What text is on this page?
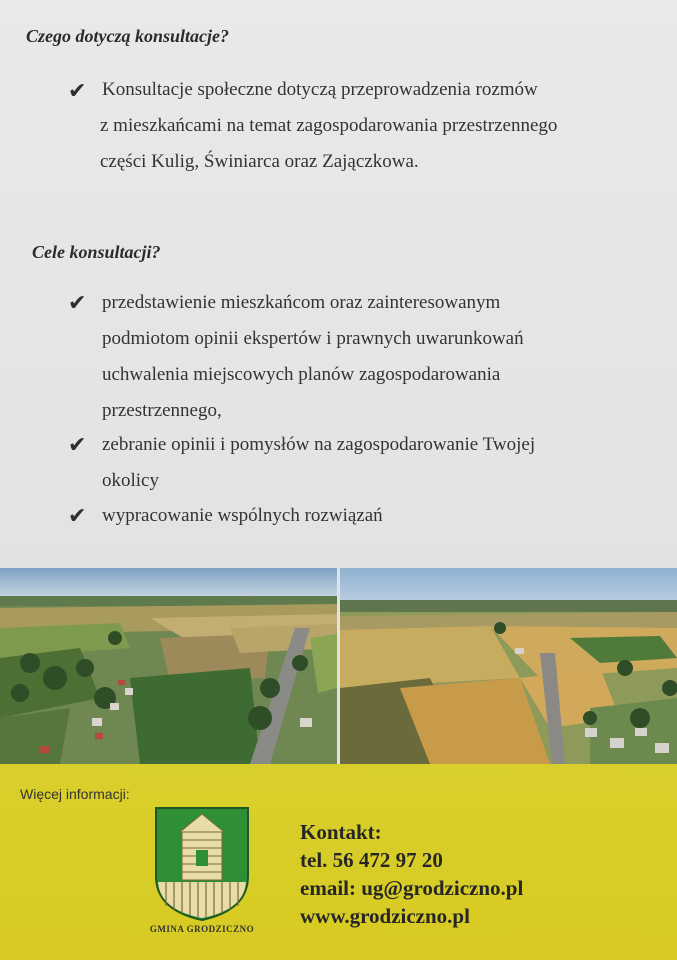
Czego dotyczą konsultacje?
✔ Konsultacje społeczne dotyczą przeprowadzenia rozmów
z mieszkańcami na temat zagospodarowania przestrzennego
części Kulig, Świniarca oraz Zajączkowa.
Cele konsultacji?
✔ przedstawienie mieszkańcom oraz zainteresowanym
podmiotom opinii ekspertów i prawnych uwarunkowań
uchwalenia miejscowych planów zagospodarowania
przestrzennego,
✔ zebranie opinii i pomysłów na zagospodarowanie Twojej
okolicy
✔ wypracowanie wspólnych rozwiązań
Więcej informacji:
GMINA GRODZICZNO
Kontakt:
tel. 56 472 97 20
email: ug@grodziczno.pl
www.grodziczno.pl
